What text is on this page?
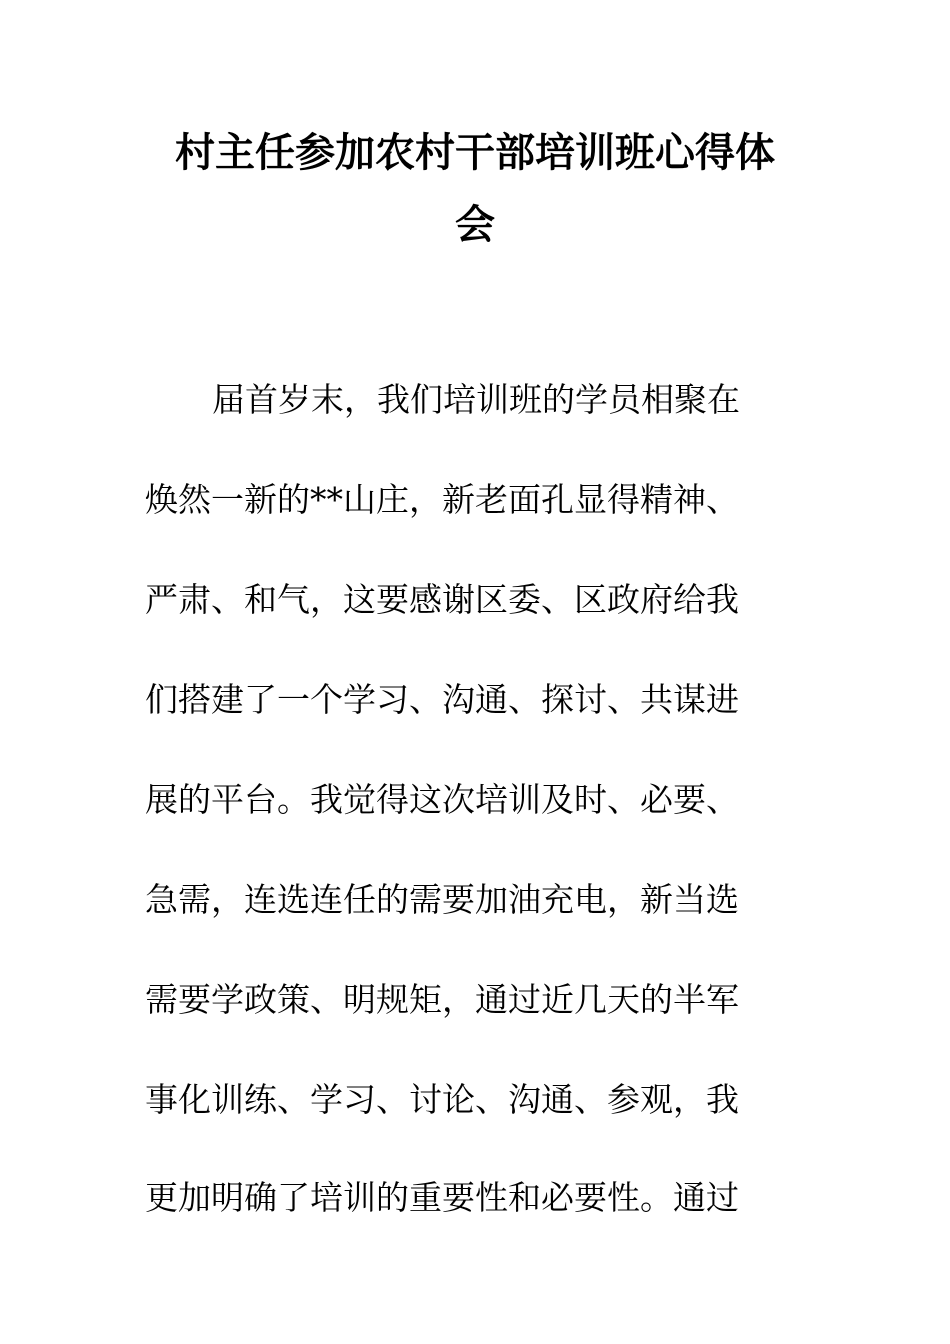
村主任参加农村干部培训班心得体
会
届首岁末，我们培训班的学员相聚在
焕然一新的**山庄，新老面孔显得精神、
严肃、和气，这要感谢区委、区政府给我
们搭建了一个学习、沟通、探讨、共谋进
展的平台。我觉得这次培训及时、必要、
急需，连选连任的需要加油充电，新当选
需要学政策、明规矩，通过近几天的半军
事化训练、学习、讨论、沟通、参观，我
更加明确了培训的重要性和必要性。通过
